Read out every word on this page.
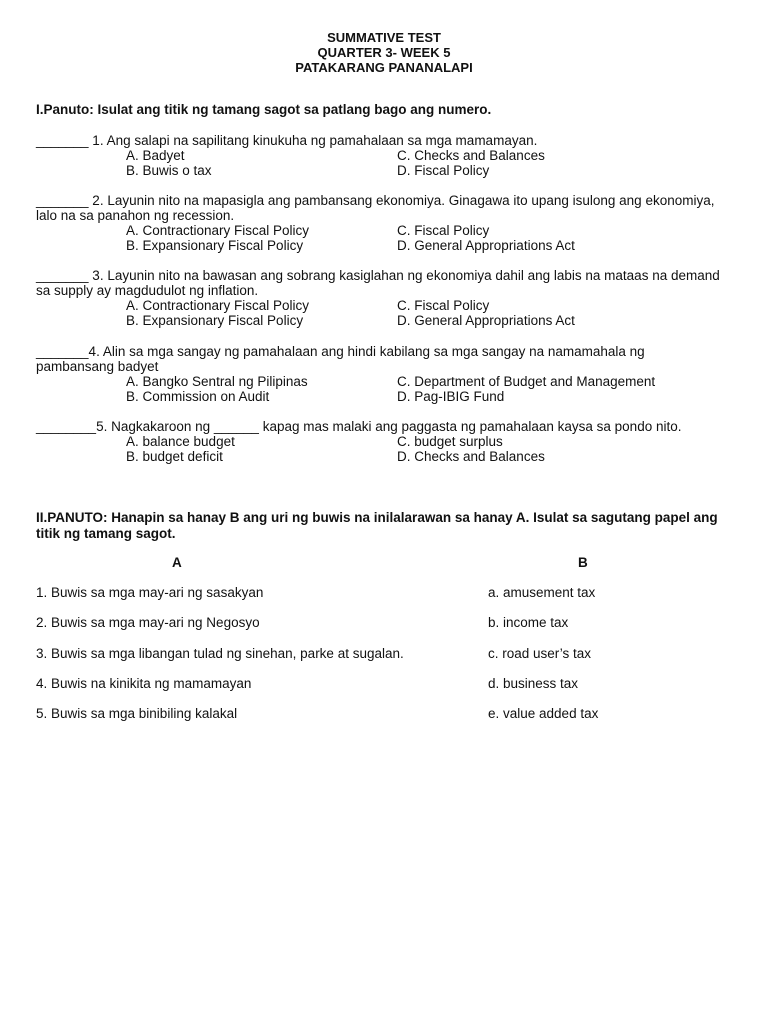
SUMMATIVE TEST
QUARTER 3- WEEK 5
PATAKARANG PANANALAPI
I.Panuto: Isulat ang titik ng tamang sagot sa patlang bago ang numero.
_______ 1. Ang salapi na sapilitang kinukuha ng pamahalaan sa mga mamamayan.
A. Badyet	C. Checks and Balances
B. Buwis o tax	D. Fiscal Policy
_______ 2. Layunin nito na mapasigla ang pambansang ekonomiya. Ginagawa ito upang isulong ang ekonomiya, lalo na sa panahon ng recession.
A. Contractionary Fiscal Policy	C. Fiscal Policy
B. Expansionary Fiscal Policy	D. General Appropriations Act
_______ 3. Layunin nito na bawasan ang sobrang kasiglahan ng ekonomiya dahil ang labis na mataas na demand sa supply ay magdudulot ng inflation.
A. Contractionary Fiscal Policy	C. Fiscal Policy
B. Expansionary Fiscal Policy	D. General Appropriations Act
_______4. Alin sa mga sangay ng pamahalaan ang hindi kabilang sa mga sangay na namamahala ng pambansang badyet
A. Bangko Sentral ng Pilipinas	C. Department of Budget and Management
B. Commission on Audit	D. Pag-IBIG Fund
________5. Nagkakaroon ng ______ kapag mas malaki ang paggasta ng pamahalaan kaysa sa pondo nito.
A. balance budget	C. budget surplus
B. budget deficit	D. Checks and Balances
II.PANUTO: Hanapin sa hanay B ang uri ng buwis na inilalarawan sa hanay A. Isulat sa sagutang papel ang titik ng tamang sagot.
A	B
1. Buwis sa mga may-ari ng sasakyan	a. amusement tax
2. Buwis sa mga may-ari ng Negosyo	b. income tax
3. Buwis sa mga libangan tulad ng sinehan, parke at sugalan.	c. road user’s tax
4. Buwis na kinikita ng mamamayan	d. business tax
5. Buwis sa mga binibiling kalakal	e. value added tax
